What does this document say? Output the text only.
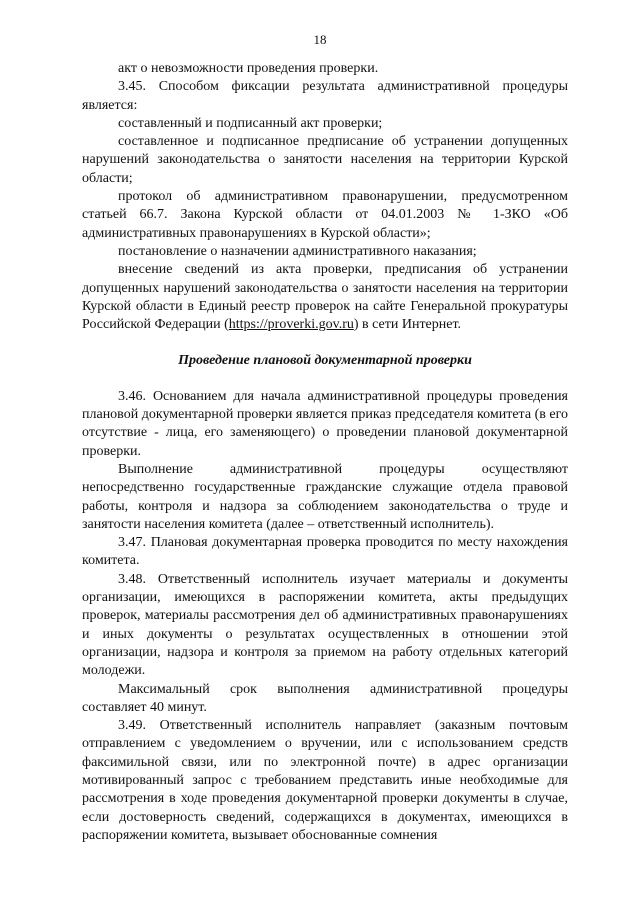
18

акт о невозможности проведения проверки.

3.45. Способом фиксации результата административной процедуры является:

составленный и подписанный акт проверки;

составленное и подписанное предписание об устранении допущенных нарушений законодательства о занятости населения на территории Курской области;

протокол об административном правонарушении, предусмотренном статьей 66.7. Закона Курской области от 04.01.2003 № 1-ЗКО «Об административных правонарушениях в Курской области»;

постановление о назначении административного наказания;

внесение сведений из акта проверки, предписания об устранении допущенных нарушений законодательства о занятости населения на территории Курской области в Единый реестр проверок на сайте Генеральной прокуратуры Российской Федерации (https://proverki.gov.ru) в сети Интернет.

Проведение плановой документарной проверки

3.46. Основанием для начала административной процедуры проведения плановой документарной проверки является приказ председателя комитета (в его отсутствие - лица, его заменяющего) о проведении плановой документарной проверки.

Выполнение административной процедуры осуществляют непосредственно государственные гражданские служащие отдела правовой работы, контроля и надзора за соблюдением законодательства о труде и занятости населения комитета (далее – ответственный исполнитель).

3.47. Плановая документарная проверка проводится по месту нахождения комитета.

3.48. Ответственный исполнитель изучает материалы и документы организации, имеющихся в распоряжении комитета, акты предыдущих проверок, материалы рассмотрения дел об административных правонарушениях и иных документы о результатах осуществленных в отношении этой организации, надзора и контроля за приемом на работу отдельных категорий молодежи.

Максимальный срок выполнения административной процедуры составляет 40 минут.

3.49. Ответственный исполнитель направляет (заказным почтовым отправлением с уведомлением о вручении, или с использованием средств факсимильной связи, или по электронной почте) в адрес организации мотивированный запрос с требованием представить иные необходимые для рассмотрения в ходе проведения документарной проверки документы в случае, если достоверность сведений, содержащихся в документах, имеющихся в распоряжении комитета, вызывает обоснованные сомнения
